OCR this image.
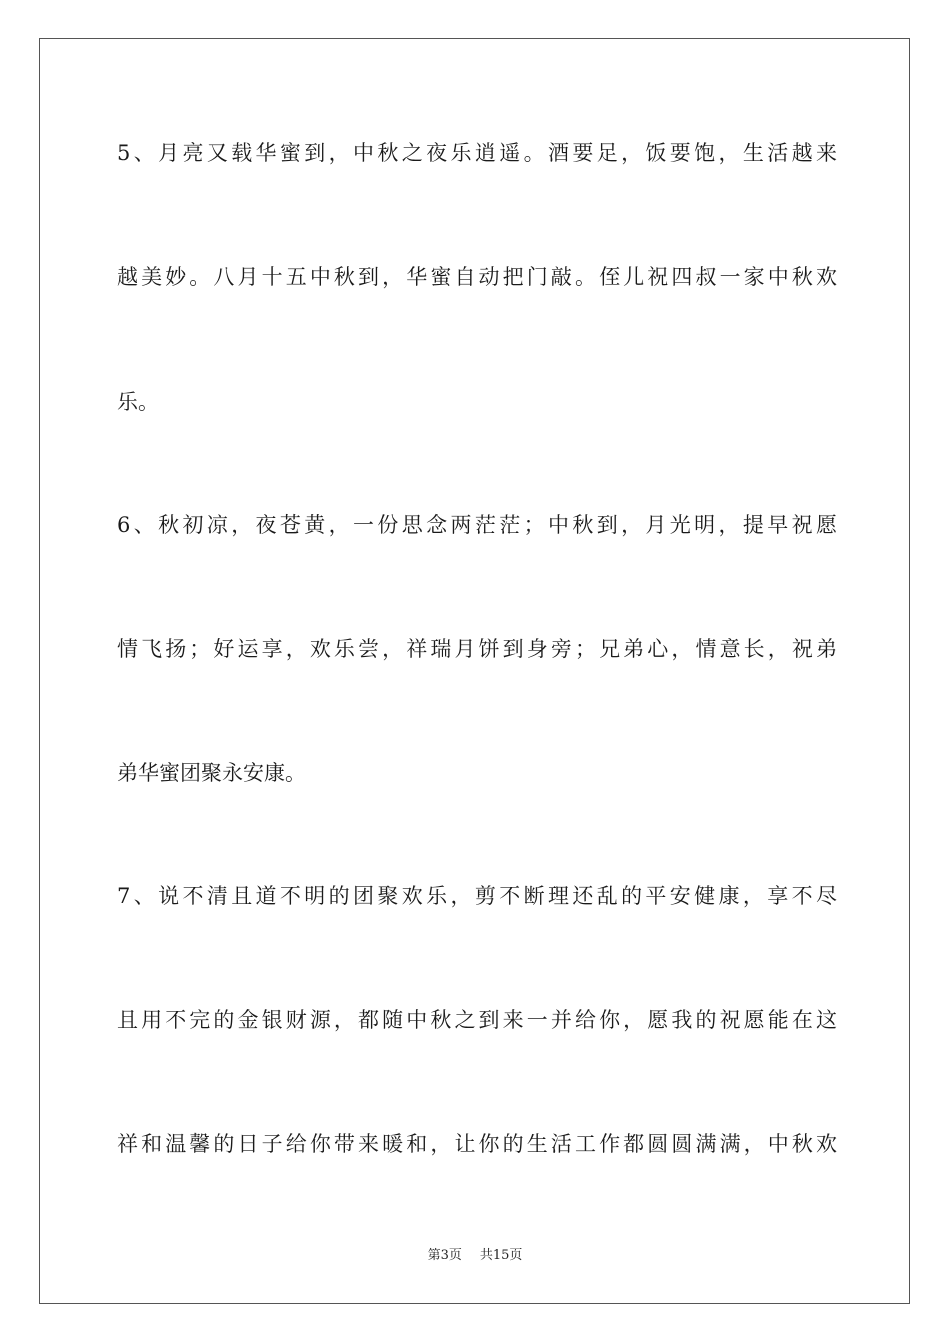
5、月亮又载华蜜到，中秋之夜乐逍遥。酒要足，饭要饱，生活越来
越美妙。八月十五中秋到，华蜜自动把门敲。侄儿祝四叔一家中秋欢
乐。
6、秋初凉，夜苍黄，一份思念两茫茫；中秋到，月光明，提早祝愿
情飞扬；好运享，欢乐尝，祥瑞月饼到身旁；兄弟心，情意长，祝弟
弟华蜜团聚永安康。
7、说不清且道不明的团聚欢乐，剪不断理还乱的平安健康，享不尽
且用不完的金银财源，都随中秋之到来一并给你，愿我的祝愿能在这
祥和温馨的日子给你带来暖和，让你的生活工作都圆圆满满，中秋欢
第3页 共15页
